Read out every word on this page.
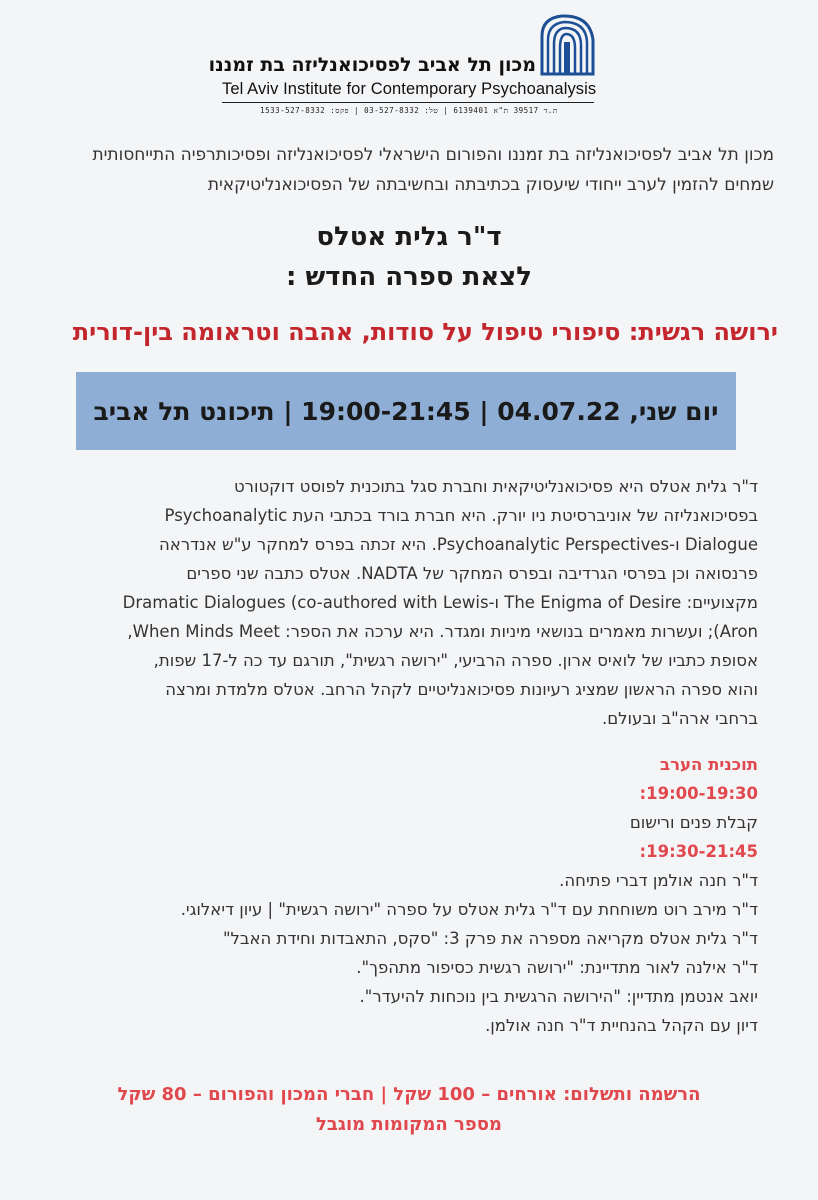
מכון תל אביב לפסיכואנליזה בת זמננו
Tel Aviv Institute for Contemporary Psychoanalysis
ת.ד 39517 ת"א 6139401 | טל: 03-527-8332 | פקס: 1533-527-8332
מכון תל אביב לפסיכואנליזה בת זמננו והפורום הישראלי לפסיכואנליזה ופסיכותרפיה התייחסותית
שמחים להזמין לערב ייחודי שיעסוק בכתיבתה ובחשיבתה של הפסיכואנליטיקאית
ד"ר גלית אטלס
לצאת ספרה החדש :
ירושה רגשית: סיפורי טיפול על סודות, אהבה וטראומה בין-דורית
יום שני, 04.07.22 | 19:00-21:45 | תיכונט תל אביב
ד"ר גלית אטלס היא פסיכואנליטיקאית וחברת סגל בתוכנית לפוסט דוקטורט
בפסיכואנליזה של אוניברסיטת ניו יורק. היא חברת בורד בכתבי העת Psychoanalytic
Dialogue ו-Psychoanalytic Perspectives. היא זכתה בפרס למחקר ע"ש אנדראה
פרנסואה וכן בפרסי הגרדיבה ובפרס המחקר של NADTA. אטלס כתבה שני ספרים
מקצועיים: The Enigma of Desire ו-Dramatic Dialogues (co-authored with Lewis
Aron); ועשרות מאמרים בנושאי מיניות ומגדר. היא ערכה את הספר: When Minds Meet,
אסופת כתביו של לואיס ארון. ספרה הרביעי, "ירושה רגשית", תורגם עד כה ל-17 שפות,
והוא ספרה הראשון שמציג רעיונות פסיכואנליטיים לקהל הרחב. אטלס מלמדת ומרצה
ברחבי ארה"ב ובעולם.
תוכנית הערב
19:00-19:30:
קבלת פנים ורישום
19:30-21:45:
ד"ר חנה אולמן דברי פתיחה.
ד"ר מירב רוט משוחחת עם ד"ר גלית אטלס על ספרה "ירושה רגשית" | עיון דיאלוגי.
ד"ר גלית אטלס מקריאה מספרה את פרק 3: "סקס, התאבדות וחידת האבל"
ד"ר אילנה לאור מתדיינת: "ירושה רגשית כסיפור מתהפך".
יואב אנטמן מתדיין: "הירושה הרגשית בין נוכחות להיעדר".
דיון עם הקהל בהנחיית ד"ר חנה אולמן.
הרשמה ותשלום: אורחים – 100 שקל | חברי המכון והפורום – 80 שקל
מספר המקומות מוגבל
